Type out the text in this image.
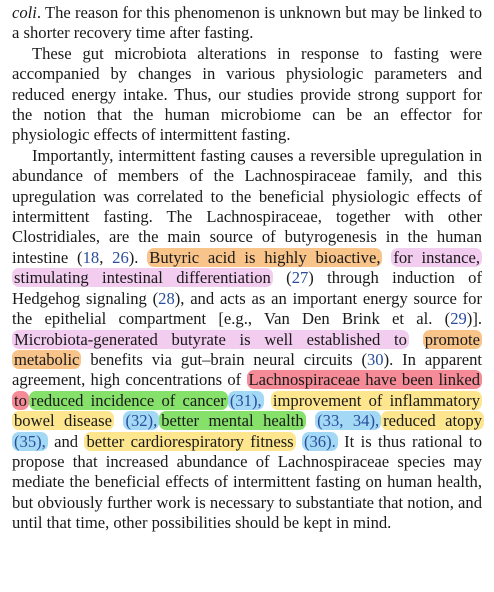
coli. The reason for this phenomenon is unknown but may be linked to a shorter recovery time after fasting.

These gut microbiota alterations in response to fasting were accompanied by changes in various physiologic parameters and reduced energy intake. Thus, our studies provide strong support for the notion that the human microbiome can be an effector for physiologic effects of intermittent fasting.

Importantly, intermittent fasting causes a reversible upregulation in abundance of members of the Lachnospiraceae family, and this upregulation was correlated to the beneficial physiologic effects of intermittent fasting. The Lachnospiraceae, together with other Clostridiales, are the main source of butyrogenesis in the human intestine (18, 26). Butyric acid is highly bioactive, for instance, stimulating intestinal differentiation (27) through induction of Hedgehog signaling (28), and acts as an important energy source for the epithelial compartment [e.g., Van Den Brink et al. (29)]. Microbiota-generated butyrate is well established to promote metabolic benefits via gut–brain neural circuits (30). In apparent agreement, high concentrations of Lachnospiraceae have been linked to reduced incidence of cancer (31), improvement of inflammatory bowel disease (32), better mental health (33, 34), reduced atopy (35), and better cardiorespiratory fitness (36). It is thus rational to propose that increased abundance of Lachnospiraceae species may mediate the beneficial effects of intermittent fasting on human health, but obviously further work is necessary to substantiate that notion, and until that time, other possibilities should be kept in mind.
